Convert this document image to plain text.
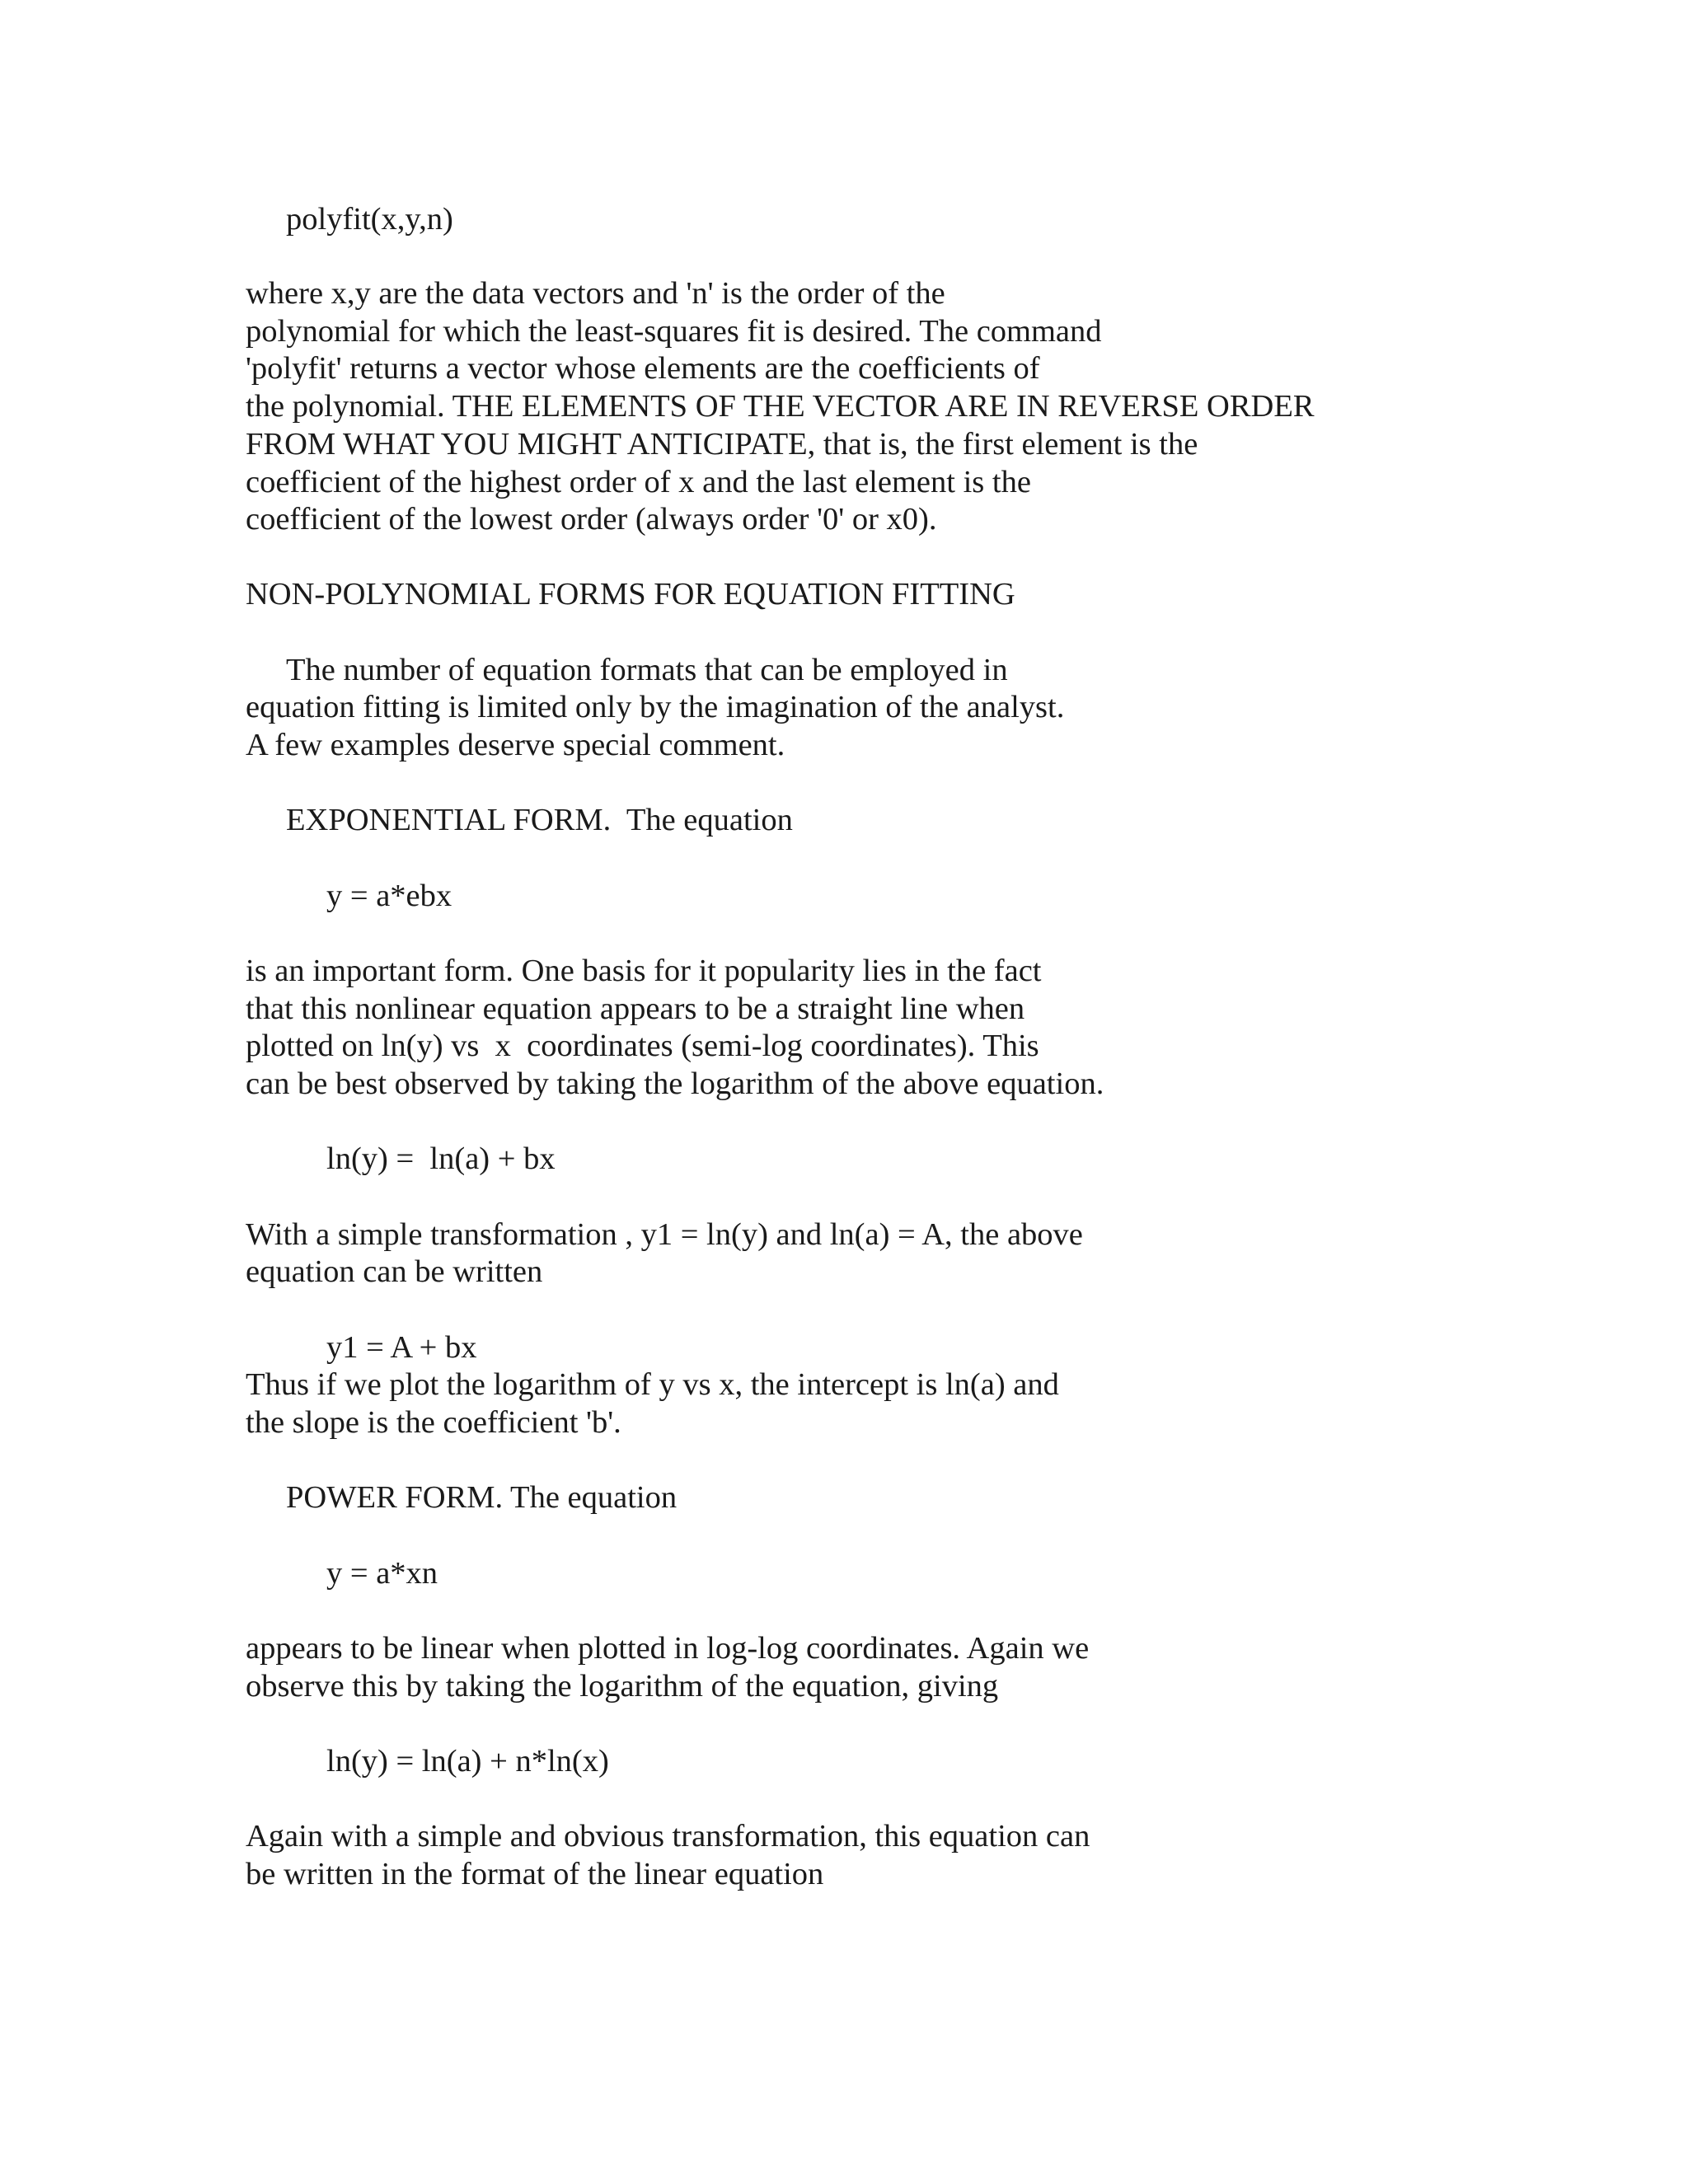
polyfit(x,y,n)
where x,y are the data vectors and 'n' is the order of the
polynomial for which the least-squares fit is desired. The command
'polyfit' returns a vector whose elements are the coefficients of
the polynomial. THE ELEMENTS OF THE VECTOR ARE IN REVERSE ORDER
FROM WHAT YOU MIGHT ANTICIPATE, that is, the first element is the
coefficient of the highest order of x and the last element is the
coefficient of the lowest order (always order '0' or x0).
NON-POLYNOMIAL FORMS FOR EQUATION FITTING
The number of equation formats that can be employed in
equation fitting is limited only by the imagination of the analyst.
A few examples deserve special comment.
EXPONENTIAL FORM.  The equation
y = a*ebx
is an important form. One basis for it popularity lies in the fact
that this nonlinear equation appears to be a straight line when
plotted on ln(y) vs  x  coordinates (semi-log coordinates). This
can be best observed by taking the logarithm of the above equation.
ln(y) =  ln(a) + bx
With a simple transformation , y1 = ln(y) and ln(a) = A, the above
equation can be written
y1 = A + bx
Thus if we plot the logarithm of y vs x, the intercept is ln(a) and
the slope is the coefficient 'b'.
POWER FORM. The equation
y = a*xn
appears to be linear when plotted in log-log coordinates. Again we
observe this by taking the logarithm of the equation, giving
ln(y) = ln(a) + n*ln(x)
Again with a simple and obvious transformation, this equation can
be written in the format of the linear equation
